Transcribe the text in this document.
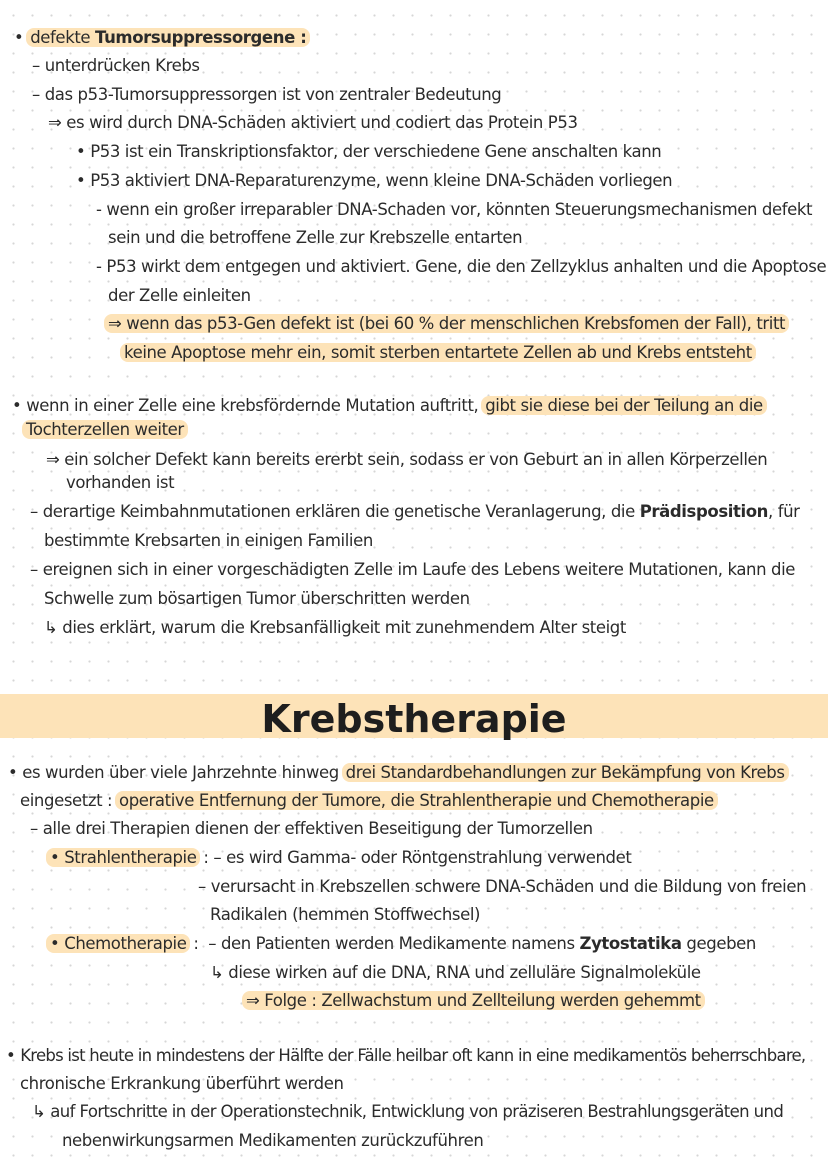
• defekte Tumorsuppressorgene :
– unterdrücken Krebs
– das p53-Tumorsuppressorgen ist von zentraler Bedeutung
⇒ es wird durch DNA-Schäden aktiviert und codiert das Protein P53
• P53 ist ein Transkriptionsfaktor, der verschiedene Gene anschalten kann
• P53 aktiviert DNA-Reparaturenzyme, wenn kleine DNA-Schäden vorliegen
- wenn ein großer irreparabler DNA-Schaden vor, könnten Steuerungsmechanismen defekt
sein und die betroffene Zelle zur Krebszelle entarten
- P53 wirkt dem entgegen und aktiviert. Gene, die den Zellzyklus anhalten und die Apoptose
der Zelle einleiten
⇒ wenn das p53-Gen defekt ist (bei 60 % der menschlichen Krebsfomen der Fall), tritt
keine Apoptose mehr ein, somit sterben entartete Zellen ab und Krebs entsteht
• wenn in einer Zelle eine krebsfördernde Mutation auftritt, gibt sie diese bei der Teilung an die
Tochterzellen weiter
⇒ ein solcher Defekt kann bereits ererbt sein, sodass er von Geburt an in allen Körperzellen
vorhanden ist
– derartige Keimbahnmutationen erklären die genetische Veranlagerung, die Prädisposition, für
bestimmte Krebsarten in einigen Familien
– ereignen sich in einer vorgeschädigten Zelle im Laufe des Lebens weitere Mutationen, kann die
Schwelle zum bösartigen Tumor überschritten werden
↳ dies erklärt, warum die Krebsanfälligkeit mit zunehmendem Alter steigt
Krebstherapie
• es wurden über viele Jahrzehnte hinweg drei Standardbehandlungen zur Bekämpfung von Krebs
eingesetzt : operative Entfernung der Tumore, die Strahlentherapie und Chemotherapie
– alle drei Therapien dienen der effektiven Beseitigung der Tumorzellen
• Strahlentherapie : – es wird Gamma- oder Röntgenstrahlung verwendet
– verursacht in Krebszellen schwere DNA-Schäden und die Bildung von freien
Radikalen (hemmen Stoffwechsel)
• Chemotherapie : – den Patienten werden Medikamente namens Zytostatika gegeben
↳ diese wirken auf die DNA, RNA und zelluläre Signalmoleküle
⇒ Folge : Zellwachstum und Zellteilung werden gehemmt
• Krebs ist heute in mindestens der Hälfte der Fälle heilbar oft kann in eine medikamentös beherrschbare,
chronische Erkrankung überführt werden
↳ auf Fortschritte in der Operationstechnik, Entwicklung von präziseren Bestrahlungsgeräten und
nebenwirkungsarmen Medikamenten zurückzuführen
